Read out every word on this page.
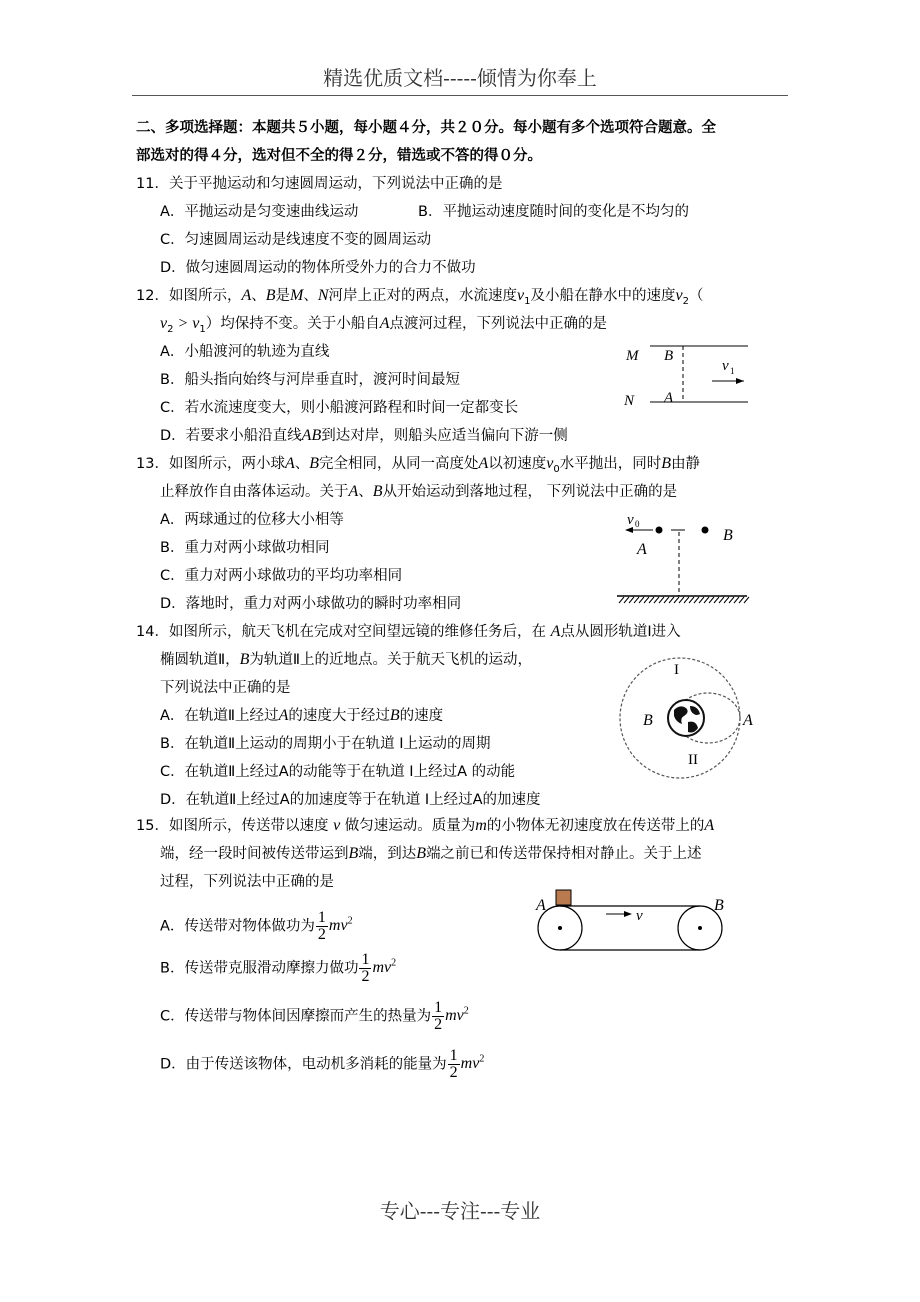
精选优质文档-----倾情为你奉上
二、多项选择题：本题共５小题，每小题４分，共２０分。每小题有多个选项符合题意。全
部选对的得４分，选对但不全的得２分，错选或不答的得０分。
11．关于平抛运动和匀速圆周运动，下列说法中正确的是
A．平抛运动是匀变速曲线运动	B．平抛运动速度随时间的变化是不均匀的
C．匀速圆周运动是线速度不变的圆周运动
D．做匀速圆周运动的物体所受外力的合力不做功
12．如图所示，A、B是M、N河岸上正对的两点，水流速度$v_1$及小船在静水中的速度$v_2$（
$v_2 > v_1$）均保持不变。关于小船自A点渡河过程，下列说法中正确的是
A．小船渡河的轨迹为直线
B．船头指向始终与河岸垂直时，渡河时间最短
C．若水流速度变大，则小船渡河路程和时间一定都变长
D．若要求小船沿直线AB到达对岸，则船头应适当偏向下游一侧
M B
N A
v 1
13．如图所示，两小球A、B完全相同，从同一高度处A以初速度$v_0$水平抛出，同时B由静
止释放作自由落体运动。关于A、B从开始运动到落地过程， 下列说法中正确的是
A．两球通过的位移大小相等
B．重力对两小球做功相同
C．重力对两小球做功的平均功率相同
D．落地时，重力对两小球做功的瞬时功率相同
v 0
A
B
14．如图所示，航天飞机在完成对空间望远镜的维修任务后，在 A点从圆形轨道Ⅰ进入
椭圆轨道Ⅱ，B为轨道Ⅱ上的近地点。关于航天飞机的运动，
下列说法中正确的是
A．在轨道Ⅱ上经过A的速度大于经过B的速度
B．在轨道Ⅱ上运动的周期小于在轨道 Ⅰ上运动的周期
C．在轨道Ⅱ上经过A的动能等于在轨道 Ⅰ上经过A 的动能
D．在轨道Ⅱ上经过A的加速度等于在轨道 Ⅰ上经过A的加速度
I
II
A
B
15．如图所示，传送带以速度 v 做匀速运动。质量为m的小物体无初速度放在传送带上的A
端，经一段时间被传送带运到B端，到达B端之前已和传送带保持相对静止。关于上述
过程，下列说法中正确的是
A．传送带对物体做功为 $\frac{1}{2} mv^2$
B．传送带克服滑动摩擦力做功 $\frac{1}{2} mv^2$
C．传送带与物体间因摩擦而产生的热量为 $\frac{1}{2} mv^2$
D．由于传送该物体，电动机多消耗的能量为 $\frac{1}{2} mv^2$
v
A	B
专心---专注---专业
